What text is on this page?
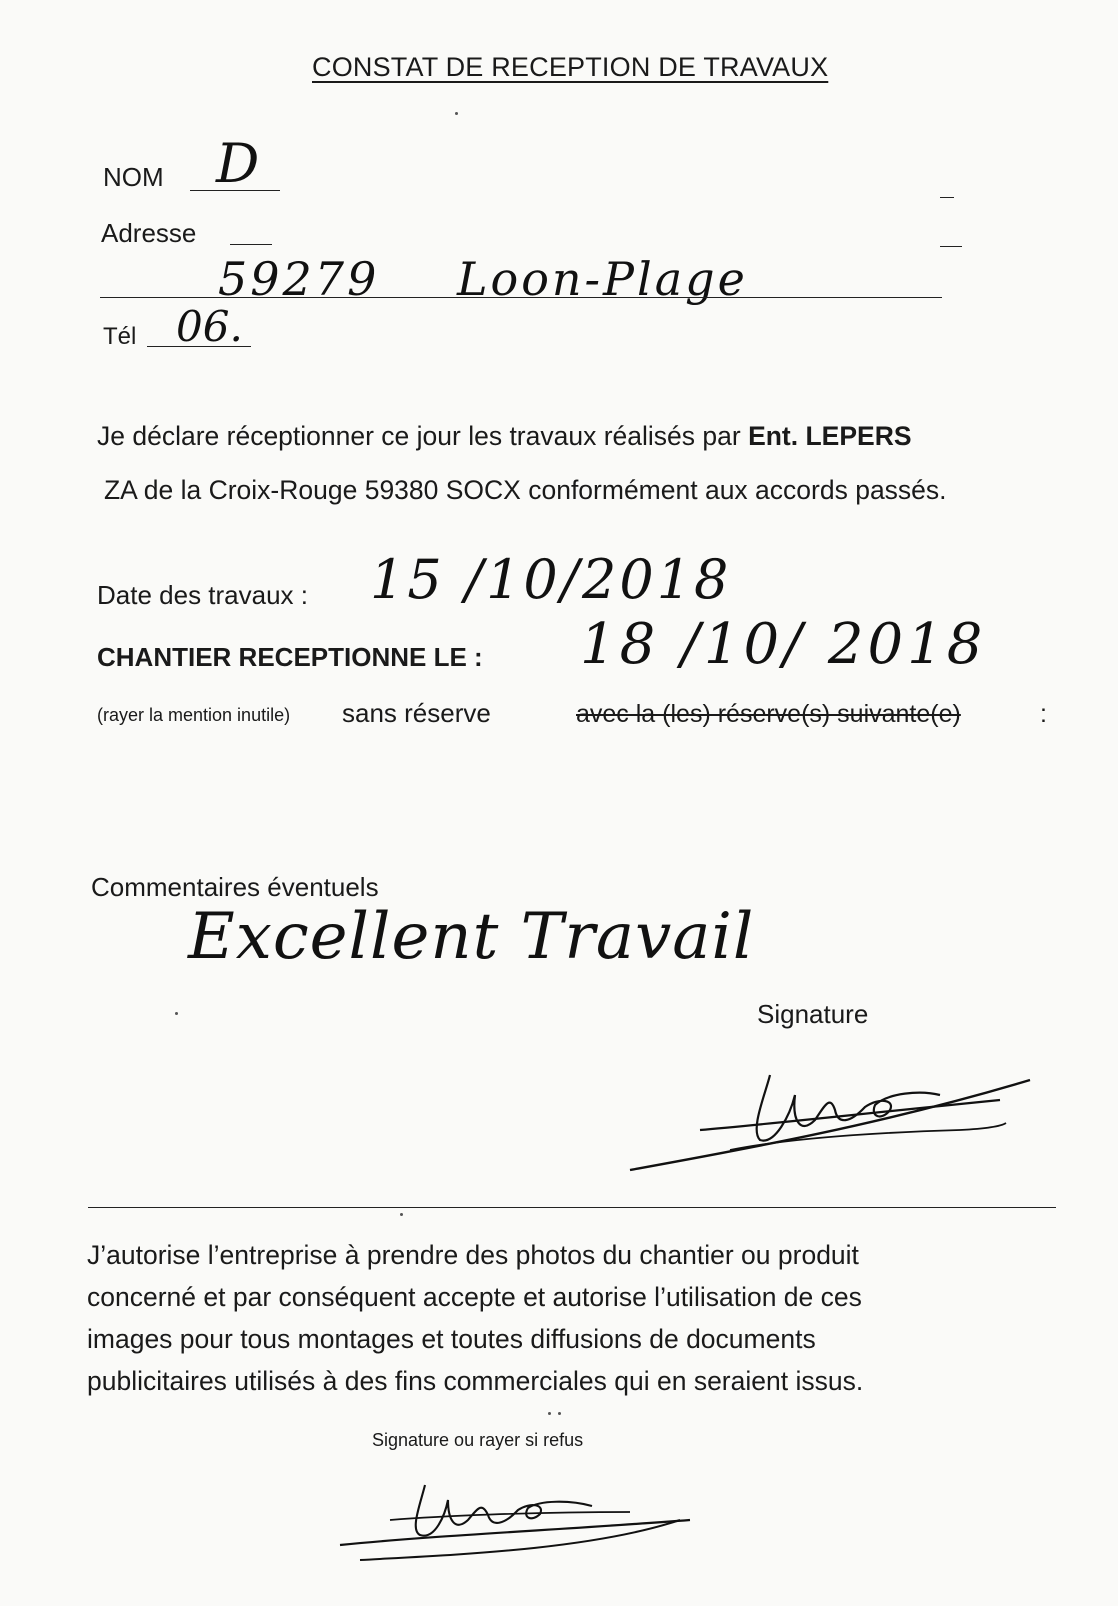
CONSTAT DE RECEPTION DE TRAVAUX
NOM D
Adresse
59279 Loon-Plage
Tél 06.
Je déclare réceptionner ce jour les travaux réalisés par Ent. LEPERS
ZA de la Croix-Rouge 59380 SOCX conformément aux accords passés.
Date des travaux : 15 /10/2018
CHANTIER RECEPTIONNE LE : 18 /10/ 2018
(rayer la mention inutile) sans réserve	avec la (les) réserve(s) suivante(e)	:
Commentaires éventuels
Excellent Travail
Signature
J’autorise l’entreprise à prendre des photos du chantier ou produit
concerné et par conséquent accepte et autorise l’utilisation de ces
images pour tous montages et toutes diffusions de documents
publicitaires utilisés à des fins commerciales qui en seraient issus.
Signature ou rayer si refus
